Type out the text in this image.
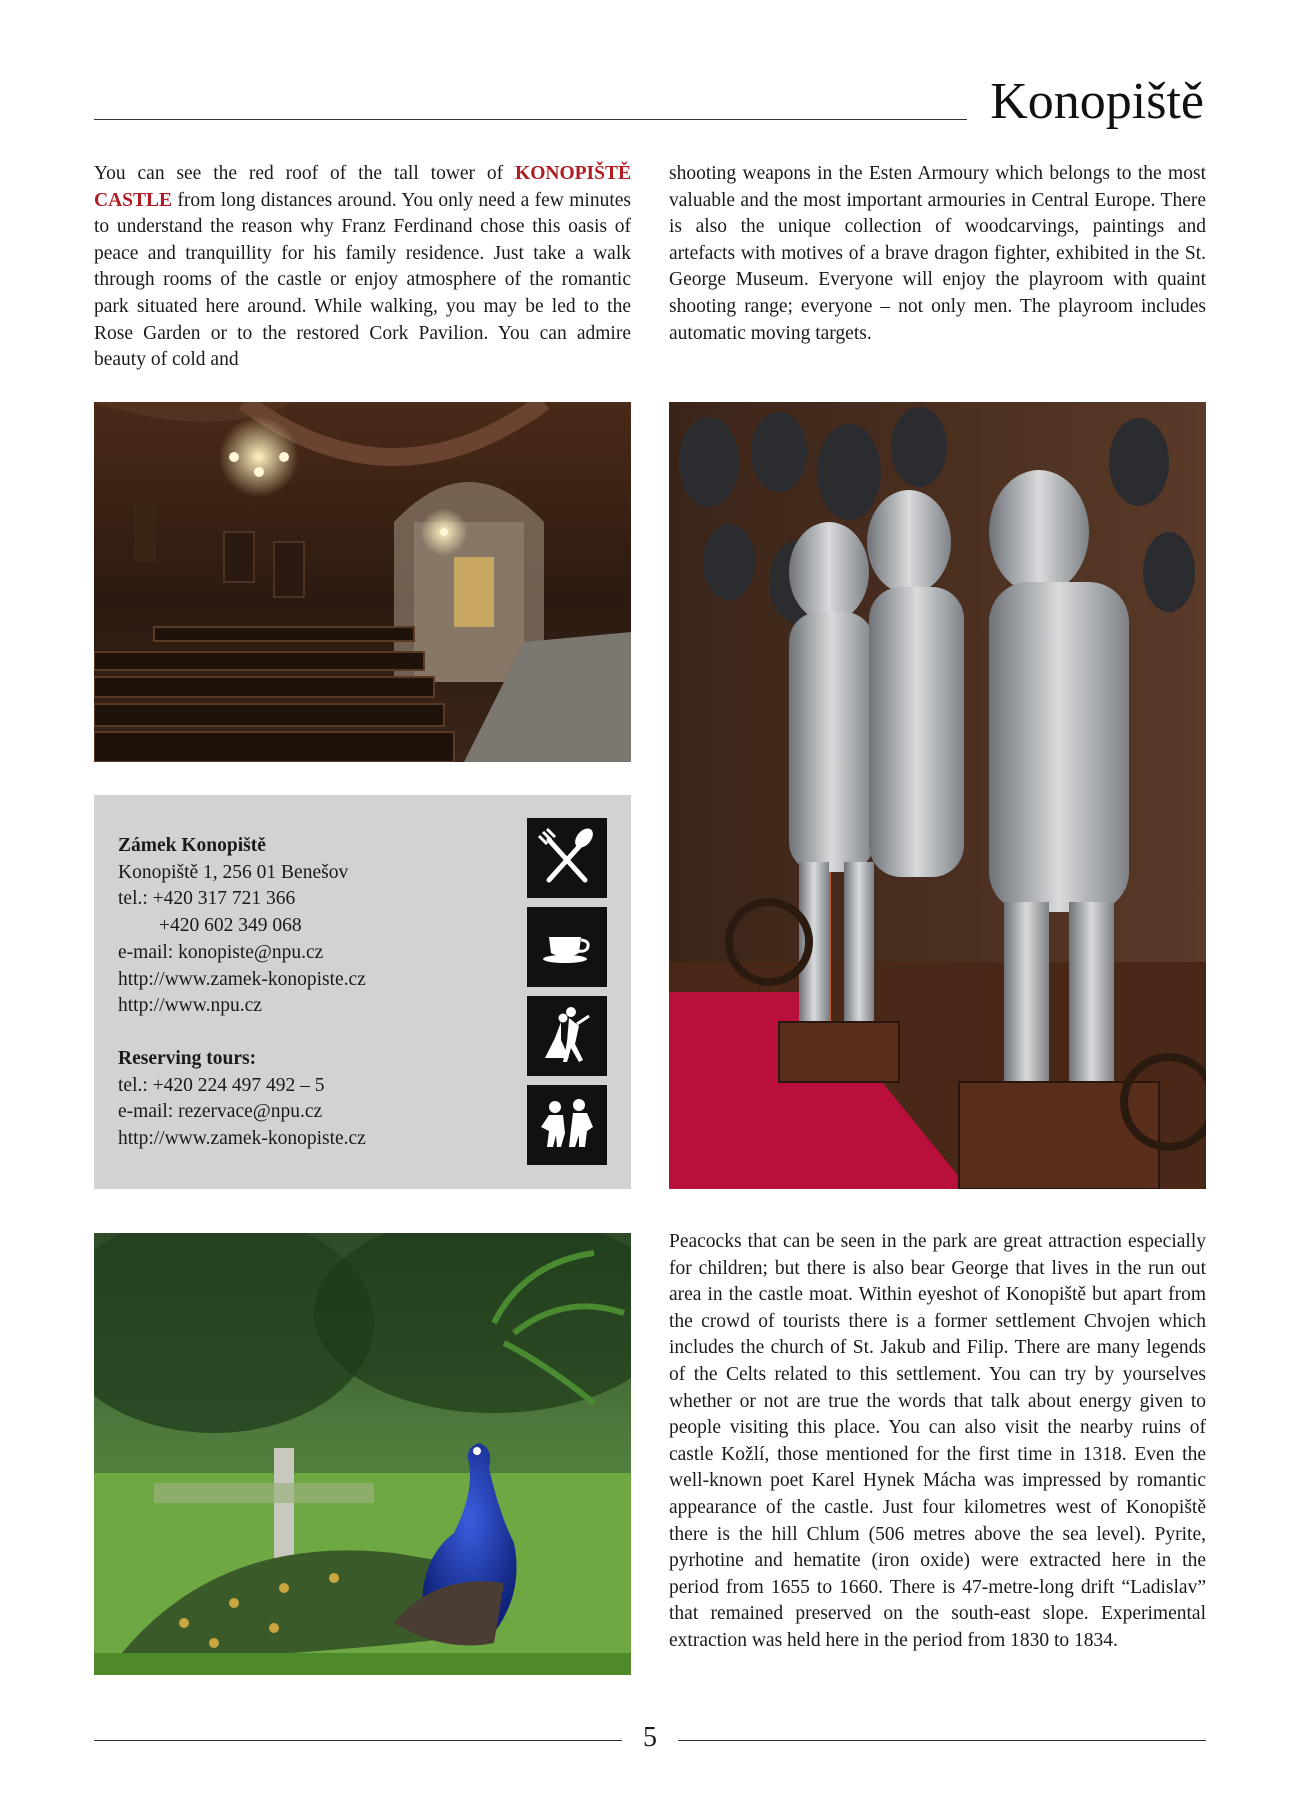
Konopiště

You can see the red roof of the tall tower of KONOPIŠTĚ CASTLE from long distances around. You only need a few minutes to understand the reason why Franz Ferdinand chose this oasis of peace and tranquillity for his family residence. Just take a walk through rooms of the castle or enjoy atmosphere of the romantic park situated here around. While walking, you may be led to the Rose Garden or to the restored Cork Pavilion. You can admire beauty of cold and

shooting weapons in the Esten Armoury which belongs to the most valuable and the most important armouries in Central Europe. There is also the unique collection of woodcarvings, paintings and artefacts with motives of a brave dragon fighter, exhibited in the St. George Museum. Everyone will enjoy the playroom with quaint shooting range; everyone – not only men. The playroom includes automatic moving targets.

Zámek Konopiště
Konopiště 1, 256 01 Benešov
tel.: +420 317 721 366
+420 602 349 068
e-mail: konopiste@npu.cz
http://www.zamek-konopiste.cz
http://www.npu.cz
Reserving tours:
tel.: +420 224 497 492 – 5
e-mail: rezervace@npu.cz
http://www.zamek-konopiste.cz

Peacocks that can be seen in the park are great attraction especially for children; but there is also bear George that lives in the run out area in the castle moat. Within eyeshot of Konopiště but apart from the crowd of tourists there is a former settlement Chvojen which includes the church of St. Jakub and Filip. There are many legends of the Celts related to this settlement. You can try by yourselves whether or not are true the words that talk about energy given to people visiting this place. You can also visit the nearby ruins of castle Kožlí, those mentioned for the first time in 1318. Even the well-known poet Karel Hynek Mácha was impressed by romantic appearance of the castle. Just four kilometres west of Konopiště there is the hill Chlum (506 metres above the sea level). Pyrite, pyrhotine and hematite (iron oxide) were extracted here in the period from 1655 to 1660. There is 47-metre-long drift “Ladislav” that remained preserved on the south-east slope. Experimental extraction was held here in the period from 1830 to 1834.

5
